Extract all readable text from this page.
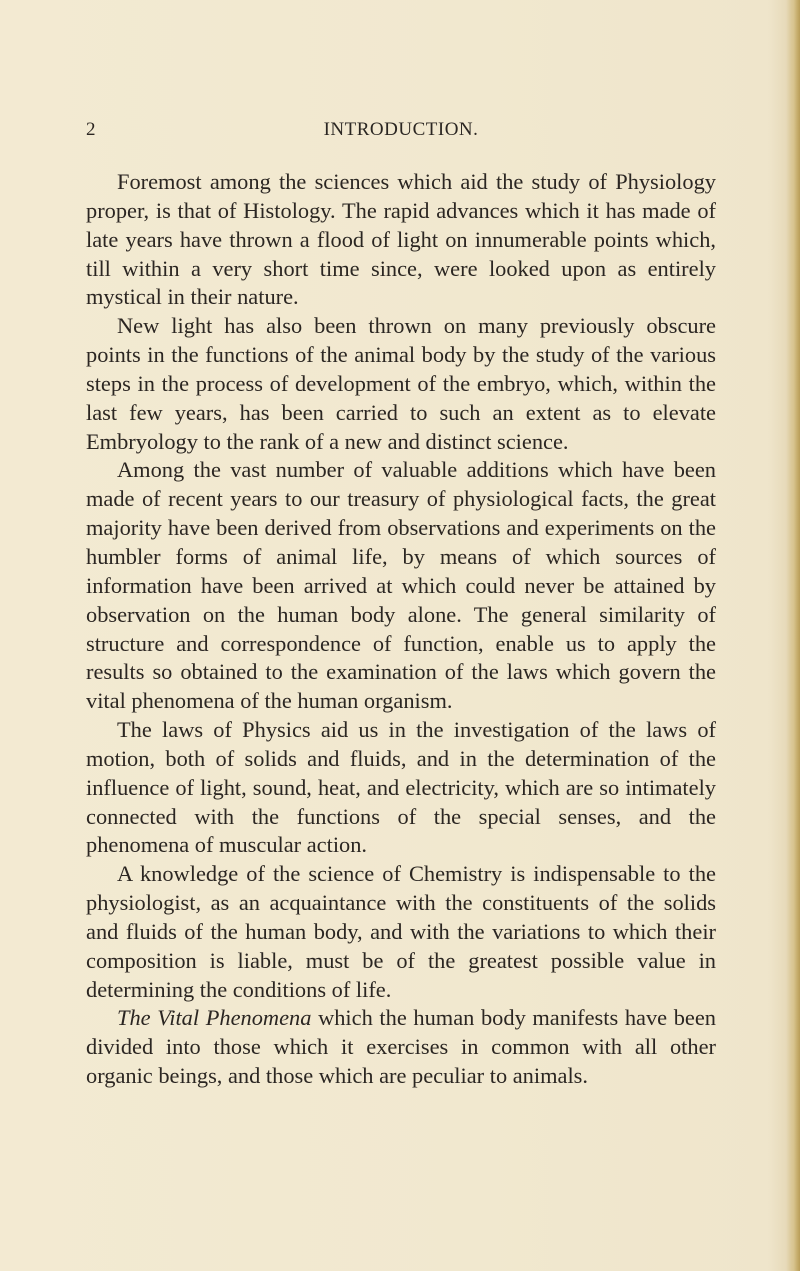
2	INTRODUCTION.

Foremost among the sciences which aid the study of Physiology proper, is that of Histology. The rapid advances which it has made of late years have thrown a flood of light on innumerable points which, till within a very short time since, were looked upon as entirely mystical in their nature.

New light has also been thrown on many previously obscure points in the functions of the animal body by the study of the various steps in the process of development of the embryo, which, within the last few years, has been carried to such an extent as to elevate Embryology to the rank of a new and distinct science.

Among the vast number of valuable additions which have been made of recent years to our treasury of physiological facts, the great majority have been derived from observations and experiments on the humbler forms of animal life, by means of which sources of information have been arrived at which could never be attained by observation on the human body alone. The general similarity of structure and correspondence of function, enable us to apply the results so obtained to the examination of the laws which govern the vital phenomena of the human organism.

The laws of Physics aid us in the investigation of the laws of motion, both of solids and fluids, and in the determination of the influence of light, sound, heat, and electricity, which are so intimately connected with the functions of the special senses, and the phenomena of muscular action.

A knowledge of the science of Chemistry is indispensable to the physiologist, as an acquaintance with the constituents of the solids and fluids of the human body, and with the variations to which their composition is liable, must be of the greatest possible value in determining the conditions of life.

The Vital Phenomena which the human body manifests have been divided into those which it exercises in common with all other organic beings, and those which are peculiar to animals.
